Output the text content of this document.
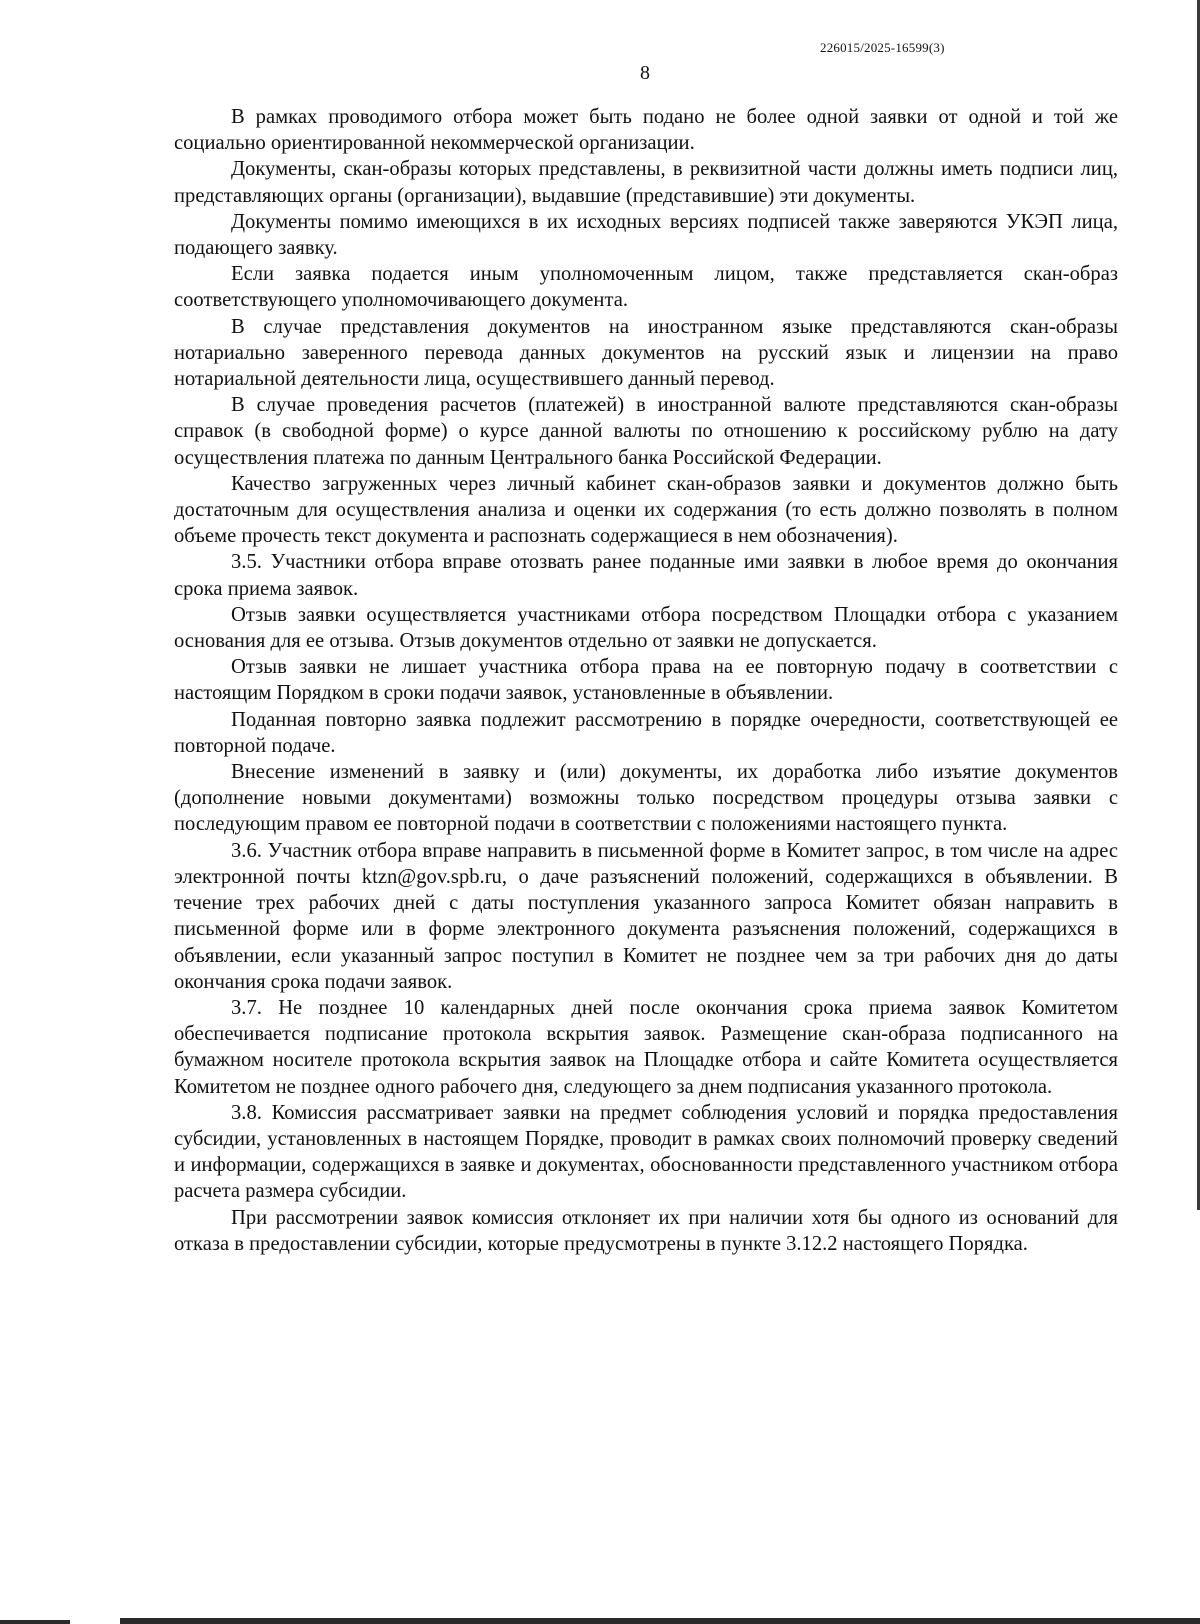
226015/2025-16599(3)
8

В рамках проводимого отбора может быть подано не более одной заявки от одной и той же социально ориентированной некоммерческой организации.

Документы, скан-образы которых представлены, в реквизитной части должны иметь подписи лиц, представляющих органы (организации), выдавшие (представившие) эти документы.

Документы помимо имеющихся в их исходных версиях подписей также заверяются УКЭП лица, подающего заявку.

Если заявка подается иным уполномоченным лицом, также представляется скан-образ соответствующего уполномочивающего документа.

В случае представления документов на иностранном языке представляются скан-образы нотариально заверенного перевода данных документов на русский язык и лицензии на право нотариальной деятельности лица, осуществившего данный перевод.

В случае проведения расчетов (платежей) в иностранной валюте представляются скан-образы справок (в свободной форме) о курсе данной валюты по отношению к российскому рублю на дату осуществления платежа по данным Центрального банка Российской Федерации.

Качество загруженных через личный кабинет скан-образов заявки и документов должно быть достаточным для осуществления анализа и оценки их содержания (то есть должно позволять в полном объеме прочесть текст документа и распознать содержащиеся в нем обозначения).

3.5. Участники отбора вправе отозвать ранее поданные ими заявки в любое время до окончания срока приема заявок.

Отзыв заявки осуществляется участниками отбора посредством Площадки отбора с указанием основания для ее отзыва. Отзыв документов отдельно от заявки не допускается.

Отзыв заявки не лишает участника отбора права на ее повторную подачу в соответствии с настоящим Порядком в сроки подачи заявок, установленные в объявлении.

Поданная повторно заявка подлежит рассмотрению в порядке очередности, соответствующей ее повторной подаче.

Внесение изменений в заявку и (или) документы, их доработка либо изъятие документов (дополнение новыми документами) возможны только посредством процедуры отзыва заявки с последующим правом ее повторной подачи в соответствии с положениями настоящего пункта.

3.6. Участник отбора вправе направить в письменной форме в Комитет запрос, в том числе на адрес электронной почты ktzn@gov.spb.ru, о даче разъяснений положений, содержащихся в объявлении. В течение трех рабочих дней с даты поступления указанного запроса Комитет обязан направить в письменной форме или в форме электронного документа разъяснения положений, содержащихся в объявлении, если указанный запрос поступил в Комитет не позднее чем за три рабочих дня до даты окончания срока подачи заявок.

3.7. Не позднее 10 календарных дней после окончания срока приема заявок Комитетом обеспечивается подписание протокола вскрытия заявок. Размещение скан-образа подписанного на бумажном носителе протокола вскрытия заявок на Площадке отбора и сайте Комитета осуществляется Комитетом не позднее одного рабочего дня, следующего за днем подписания указанного протокола.

3.8. Комиссия рассматривает заявки на предмет соблюдения условий и порядка предоставления субсидии, установленных в настоящем Порядке, проводит в рамках своих полномочий проверку сведений и информации, содержащихся в заявке и документах, обоснованности представленного участником отбора расчета размера субсидии.

При рассмотрении заявок комиссия отклоняет их при наличии хотя бы одного из оснований для отказа в предоставлении субсидии, которые предусмотрены в пункте 3.12.2 настоящего Порядка.
